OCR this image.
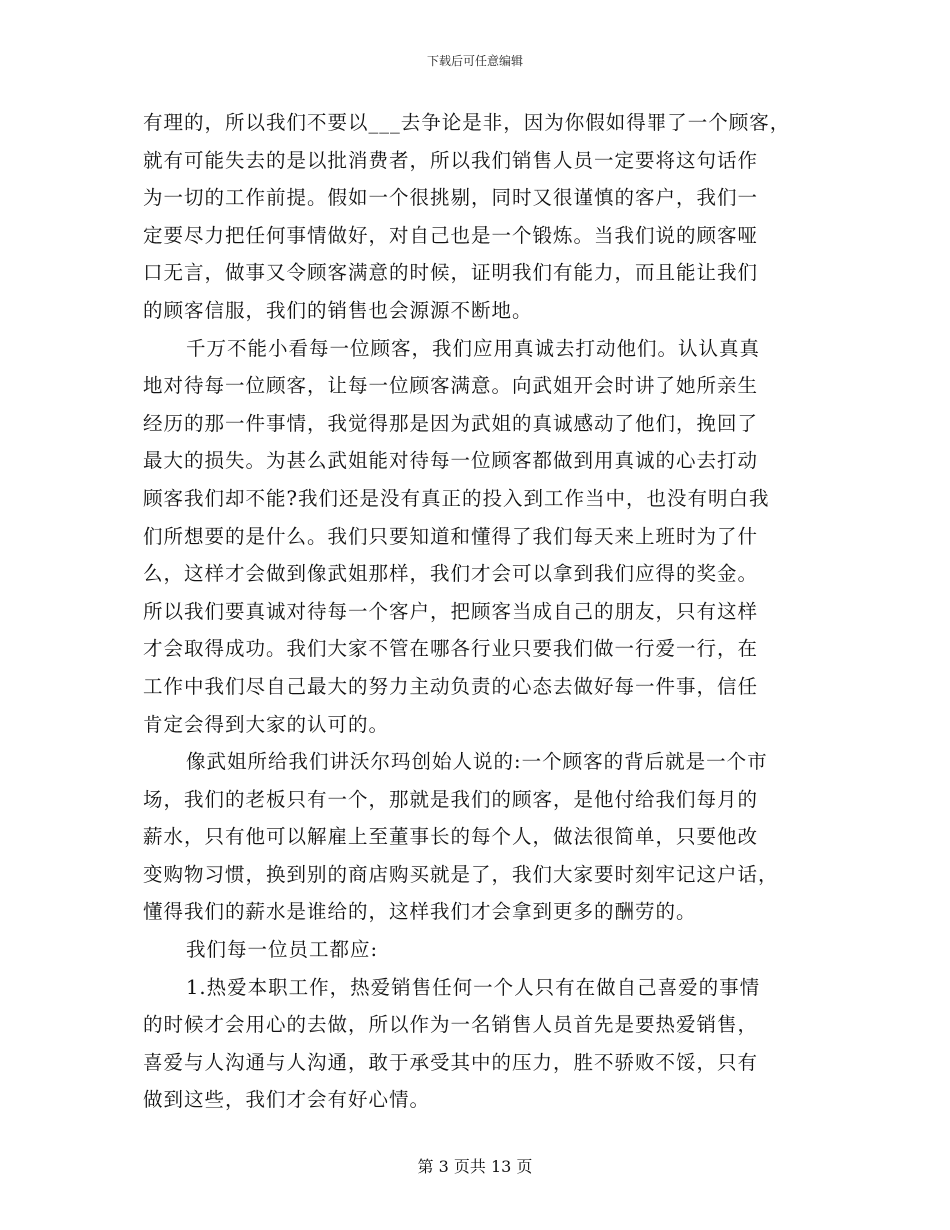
下载后可任意编辑
有理的，所以我们不要以___去争论是非，因为你假如得罪了一个顾客，
就有可能失去的是以批消费者，所以我们销售人员一定要将这句话作
为一切的工作前提。假如一个很挑剔，同时又很谨慎的客户，我们一
定要尽力把任何事情做好，对自己也是一个锻炼。当我们说的顾客哑
口无言，做事又令顾客满意的时候，证明我们有能力，而且能让我们
的顾客信服，我们的销售也会源源不断地。
千万不能小看每一位顾客，我们应用真诚去打动他们。认认真真
地对待每一位顾客，让每一位顾客满意。向武姐开会时讲了她所亲生
经历的那一件事情，我觉得那是因为武姐的真诚感动了他们，挽回了
最大的损失。为甚么武姐能对待每一位顾客都做到用真诚的心去打动
顾客我们却不能?我们还是没有真正的投入到工作当中，也没有明白我
们所想要的是什么。我们只要知道和懂得了我们每天来上班时为了什
么，这样才会做到像武姐那样，我们才会可以拿到我们应得的奖金。
所以我们要真诚对待每一个客户，把顾客当成自己的朋友，只有这样
才会取得成功。我们大家不管在哪各行业只要我们做一行爱一行，在
工作中我们尽自己最大的努力主动负责的心态去做好每一件事，信任
肯定会得到大家的认可的。
像武姐所给我们讲沃尔玛创始人说的:一个顾客的背后就是一个市
场，我们的老板只有一个，那就是我们的顾客，是他付给我们每月的
薪水，只有他可以解雇上至董事长的每个人，做法很简单，只要他改
变购物习惯，换到别的商店购买就是了，我们大家要时刻牢记这户话，
懂得我们的薪水是谁给的，这样我们才会拿到更多的酬劳的。
我们每一位员工都应:
1.热爱本职工作，热爱销售任何一个人只有在做自己喜爱的事情
的时候才会用心的去做，所以作为一名销售人员首先是要热爱销售，
喜爱与人沟通与人沟通，敢于承受其中的压力，胜不骄败不馁，只有
做到这些，我们才会有好心情。
第 3 页共 13 页
